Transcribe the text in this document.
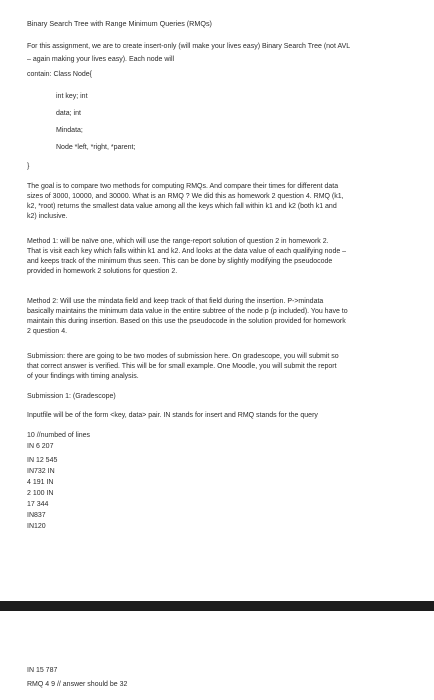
Binary Search Tree with Range Minimum Queries (RMQs)

For this assignment, we are to create insert-only (will make your lives easy) Binary Search Tree (not AVL

– again making your lives easy). Each node will

contain: Class Node{

int key; int

data; int

Mindata;

Node *left, *right, *parent;

}

The goal is to compare two methods for computing RMQs. And compare their times for different data

sizes of 3000, 10000, and 30000. What is an RMQ ? We did this as homework 2 question 4. RMQ (k1,

k2, *root) returns the smallest data value among all the keys which fall within k1 and k2 (both k1 and

k2) inclusive.

Method 1: will be naïve one, which will use the range-report solution of question 2 in homework 2.

That is visit each key which falls within k1 and k2. And looks at the data value of each qualifying node –

and keeps track of the minimum thus seen. This can be done by slightly modifying the pseudocode

provided in homework 2 solutions for question 2.

Method 2: Will use the mindata field and keep track of that field during the insertion. P->mindata

basically maintains the minimum data value in the entire subtree of the node p (p included). You have to

maintain this during insertion. Based on this use the pseudocode in the solution provided for homework

2 question 4.

Submission: there are going to be two modes of submission here. On gradescope, you will submit so

that correct answer is verified. This will be for small example. One Moodle, you will submit the report

of your findings with timing analysis.

Submission 1: (Gradescope)

Inputfile will be of the form <key, data> pair. IN stands for insert and RMQ stands for the query

10 //numbed of lines

IN 6 207

IN 12 545

IN732 IN

4 191 IN

2 100 IN

17 344

IN837

IN120

IN 15 787

RMQ 4 9 // answer should be 32
